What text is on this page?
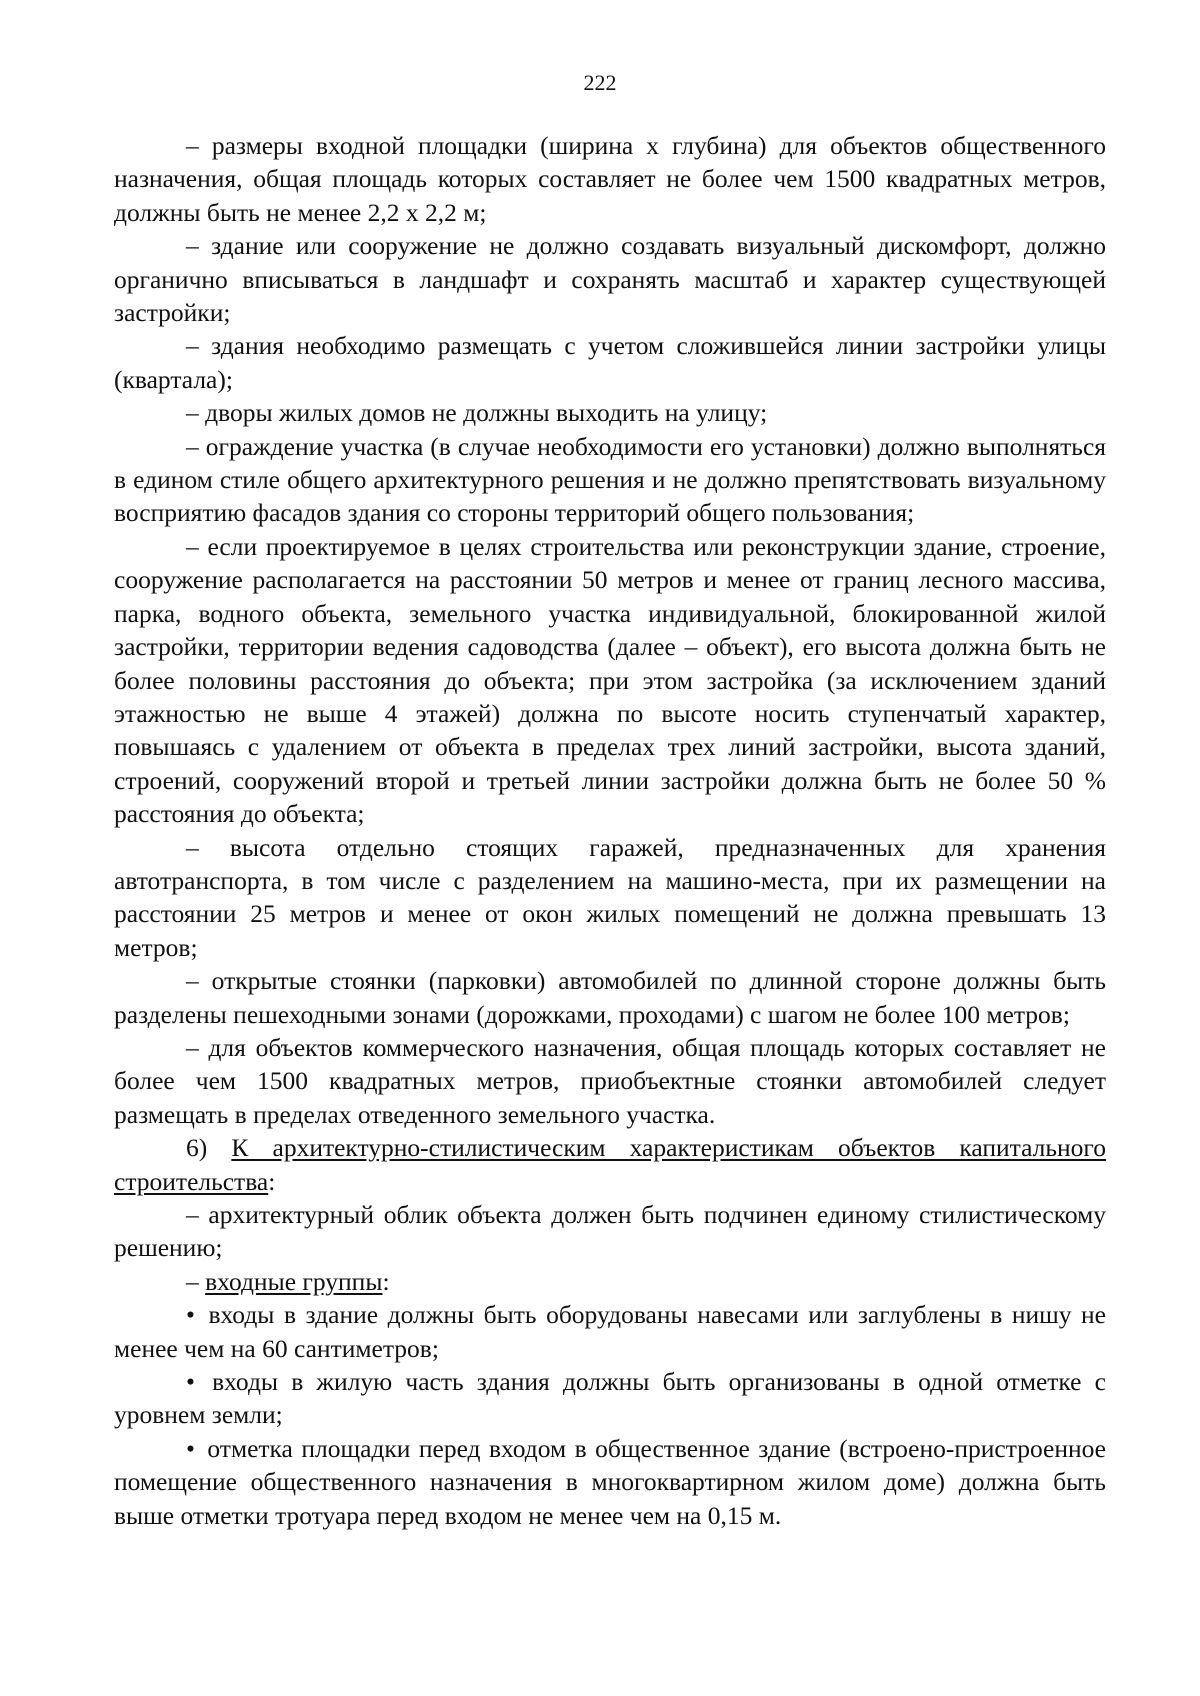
222

– размеры входной площадки (ширина х глубина) для объектов общественного назначения, общая площадь которых составляет не более чем 1500 квадратных метров, должны быть не менее 2,2 х 2,2 м;

– здание или сооружение не должно создавать визуальный дискомфорт, должно органично вписываться в ландшафт и сохранять масштаб и характер существующей застройки;

– здания необходимо размещать с учетом сложившейся линии застройки улицы (квартала);

– дворы жилых домов не должны выходить на улицу;

– ограждение участка (в случае необходимости его установки) должно выполняться в едином стиле общего архитектурного решения и не должно препятствовать визуальному восприятию фасадов здания со стороны территорий общего пользования;

– если проектируемое в целях строительства или реконструкции здание, строение, сооружение располагается на расстоянии 50 метров и менее от границ лесного массива, парка, водного объекта, земельного участка индивидуальной, блокированной жилой застройки, территории ведения садоводства (далее – объект), его высота должна быть не более половины расстояния до объекта; при этом застройка (за исключением зданий этажностью не выше 4 этажей) должна по высоте носить ступенчатый характер, повышаясь с удалением от объекта в пределах трех линий застройки, высота зданий, строений, сооружений второй и третьей линии застройки должна быть не более 50 % расстояния до объекта;

– высота отдельно стоящих гаражей, предназначенных для хранения автотранспорта, в том числе с разделением на машино-места, при их размещении на расстоянии 25 метров и менее от окон жилых помещений не должна превышать 13 метров;

– открытые стоянки (парковки) автомобилей по длинной стороне должны быть разделены пешеходными зонами (дорожками, проходами) с шагом не более 100 метров;

– для объектов коммерческого назначения, общая площадь которых составляет не более чем 1500 квадратных метров, приобъектные стоянки автомобилей следует размещать в пределах отведенного земельного участка.

6) К архитектурно-стилистическим характеристикам объектов капитального строительства:

– архитектурный облик объекта должен быть подчинен единому стилистическому решению;

– входные группы:

• входы в здание должны быть оборудованы навесами или заглублены в нишу не менее чем на 60 сантиметров;

• входы в жилую часть здания должны быть организованы в одной отметке с уровнем земли;

• отметка площадки перед входом в общественное здание (встроено-пристроенное помещение общественного назначения в многоквартирном жилом доме) должна быть выше отметки тротуара перед входом не менее чем на 0,15 м.
